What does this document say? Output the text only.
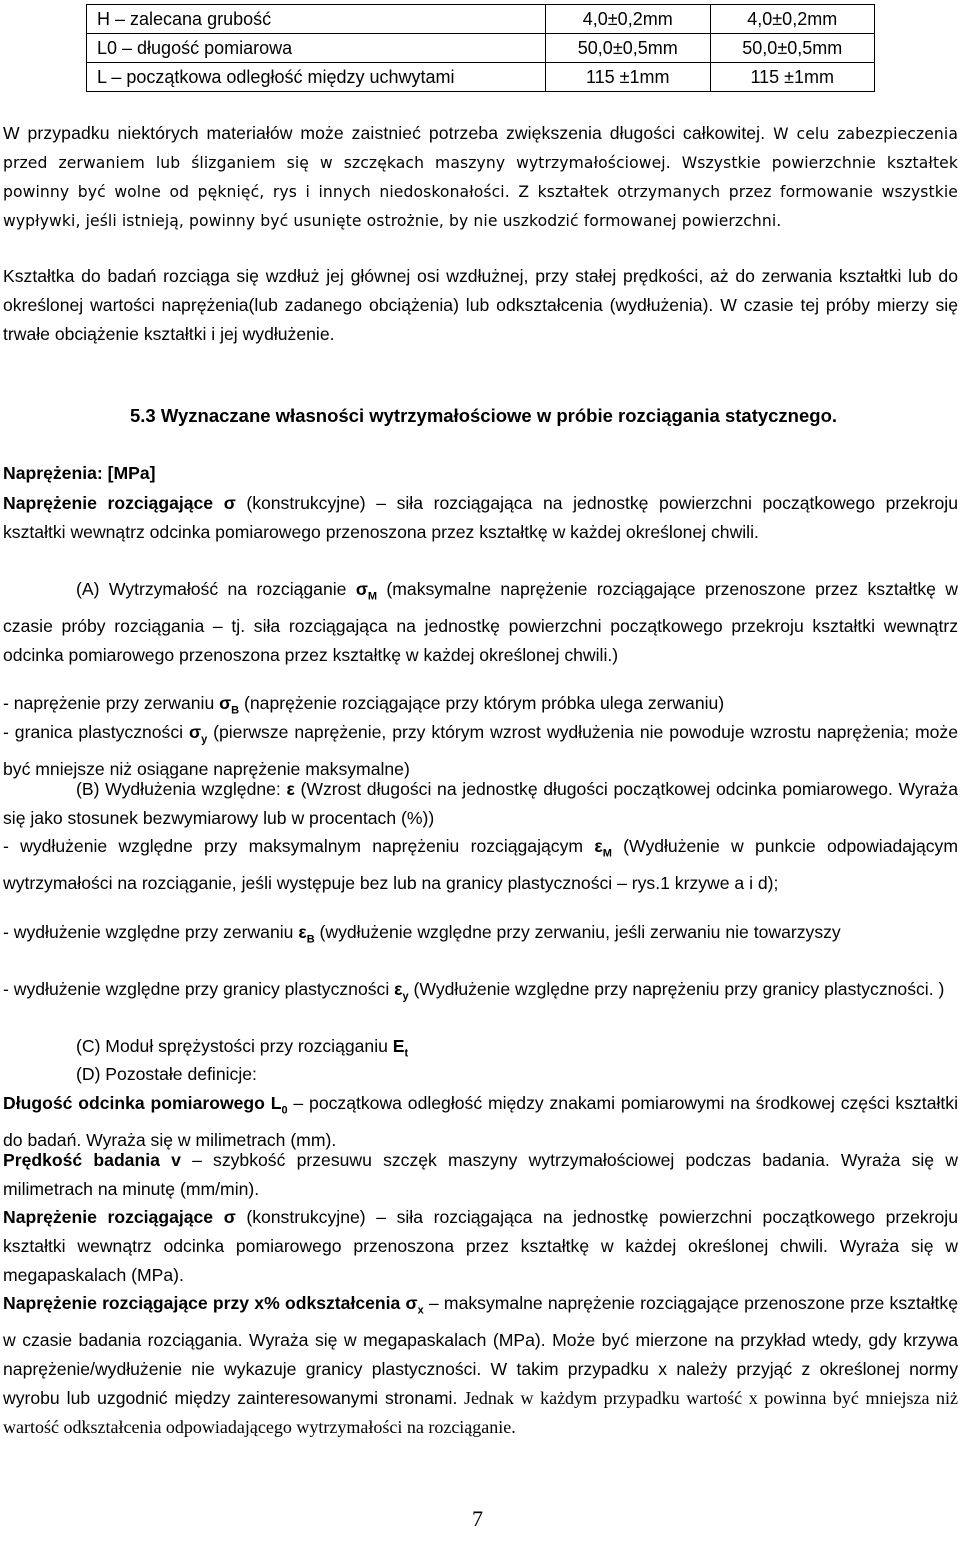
H – zalecana grubość	4,0±0,2mm	4,0±0,2mm
L0 – długość pomiarowa	50,0±0,5mm	50,0±0,5mm
L – początkowa odległość między uchwytami	115 ±1mm	115 ±1mm
W przypadku niektórych materiałów może zaistnieć potrzeba zwiększenia długości całkowitej. W celu zabezpieczenia przed zerwaniem lub ślizganiem się w szczękach maszyny wytrzymałościowej. Wszystkie powierzchnie kształtek powinny być wolne od pęknięć, rys i innych niedoskonałości. Z kształtek otrzymanych przez formowanie wszystkie wypływki, jeśli istnieją, powinny być usunięte ostrożnie, by nie uszkodzić formowanej powierzchni.
Kształtka do badań rozciąga się wzdłuż jej głównej osi wzdłużnej, przy stałej prędkości, aż do zerwania kształtki lub do określonej wartości naprężenia(lub zadanego obciążenia) lub odkształcenia (wydłużenia). W czasie tej próby mierzy się trwałe obciążenie kształtki i jej wydłużenie.
5.3 Wyznaczane własności wytrzymałościowe w próbie rozciągania statycznego.
Naprężenia: [MPa]
Naprężenie rozciągające σ (konstrukcyjne) – siła rozciągająca na jednostkę powierzchni początkowego przekroju kształtki wewnątrz odcinka pomiarowego przenoszona przez kształtkę w każdej określonej chwili.
(A) Wytrzymałość na rozciąganie $\sigma_M$ (maksymalne naprężenie rozciągające przenoszone przez kształtkę w czasie próby rozciągania – tj. siła rozciągająca na jednostkę powierzchni początkowego przekroju kształtki wewnątrz odcinka pomiarowego przenoszona przez kształtkę w każdej określonej chwili.)
- naprężenie przy zerwaniu $\sigma_B$ (naprężenie rozciągające przy którym próbka ulega zerwaniu)
- granica plastyczności $\sigma_y$ (pierwsze naprężenie, przy którym wzrost wydłużenia nie powoduje wzrostu naprężenia; może być mniejsze niż osiągane naprężenie maksymalne)
(B) Wydłużenia względne: ε (Wzrost długości na jednostkę długości początkowej odcinka pomiarowego. Wyraża się jako stosunek bezwymiarowy lub w procentach (%))
- wydłużenie względne przy maksymalnym naprężeniu rozciągającym $\varepsilon_M$ (Wydłużenie w punkcie odpowiadającym wytrzymałości na rozciąganie, jeśli występuje bez lub na granicy plastyczności – rys.1 krzywe a i d);
- wydłużenie względne przy zerwaniu $\varepsilon_B$ (wydłużenie względne przy zerwaniu, jeśli zerwaniu nie towarzyszy
- wydłużenie względne przy granicy plastyczności $\varepsilon_y$ (Wydłużenie względne przy naprężeniu przy granicy plastyczności. )
(C) Moduł sprężystości przy rozciąganiu $E_t$
(D) Pozostałe definicje:
Długość odcinka pomiarowego $L_0$ – początkowa odległość między znakami pomiarowymi na środkowej części kształtki do badań. Wyraża się w milimetrach (mm).
Prędkość badania v – szybkość przesuwu szczęk maszyny wytrzymałościowej podczas badania. Wyraża się w milimetrach na minutę (mm/min).
Naprężenie rozciągające σ (konstrukcyjne) – siła rozciągająca na jednostkę powierzchni początkowego przekroju kształtki wewnątrz odcinka pomiarowego przenoszona przez kształtkę w każdej określonej chwili. Wyraża się w megapaskalach (MPa).
Naprężenie rozciągające przy x% odkształcenia $\sigma_x$ – maksymalne naprężenie rozciągające przenoszone prze kształtkę w czasie badania rozciągania. Wyraża się w megapaskalach (MPa). Może być mierzone na przykład wtedy, gdy krzywa naprężenie/wydłużenie nie wykazuje granicy plastyczności. W takim przypadku x należy przyjąć z określonej normy wyrobu lub uzgodnić między zainteresowanymi stronami. Jednak w każdym przypadku wartość x powinna być mniejsza niż wartość odkształcenia odpowiadającego wytrzymałości na rozciąganie.
7
